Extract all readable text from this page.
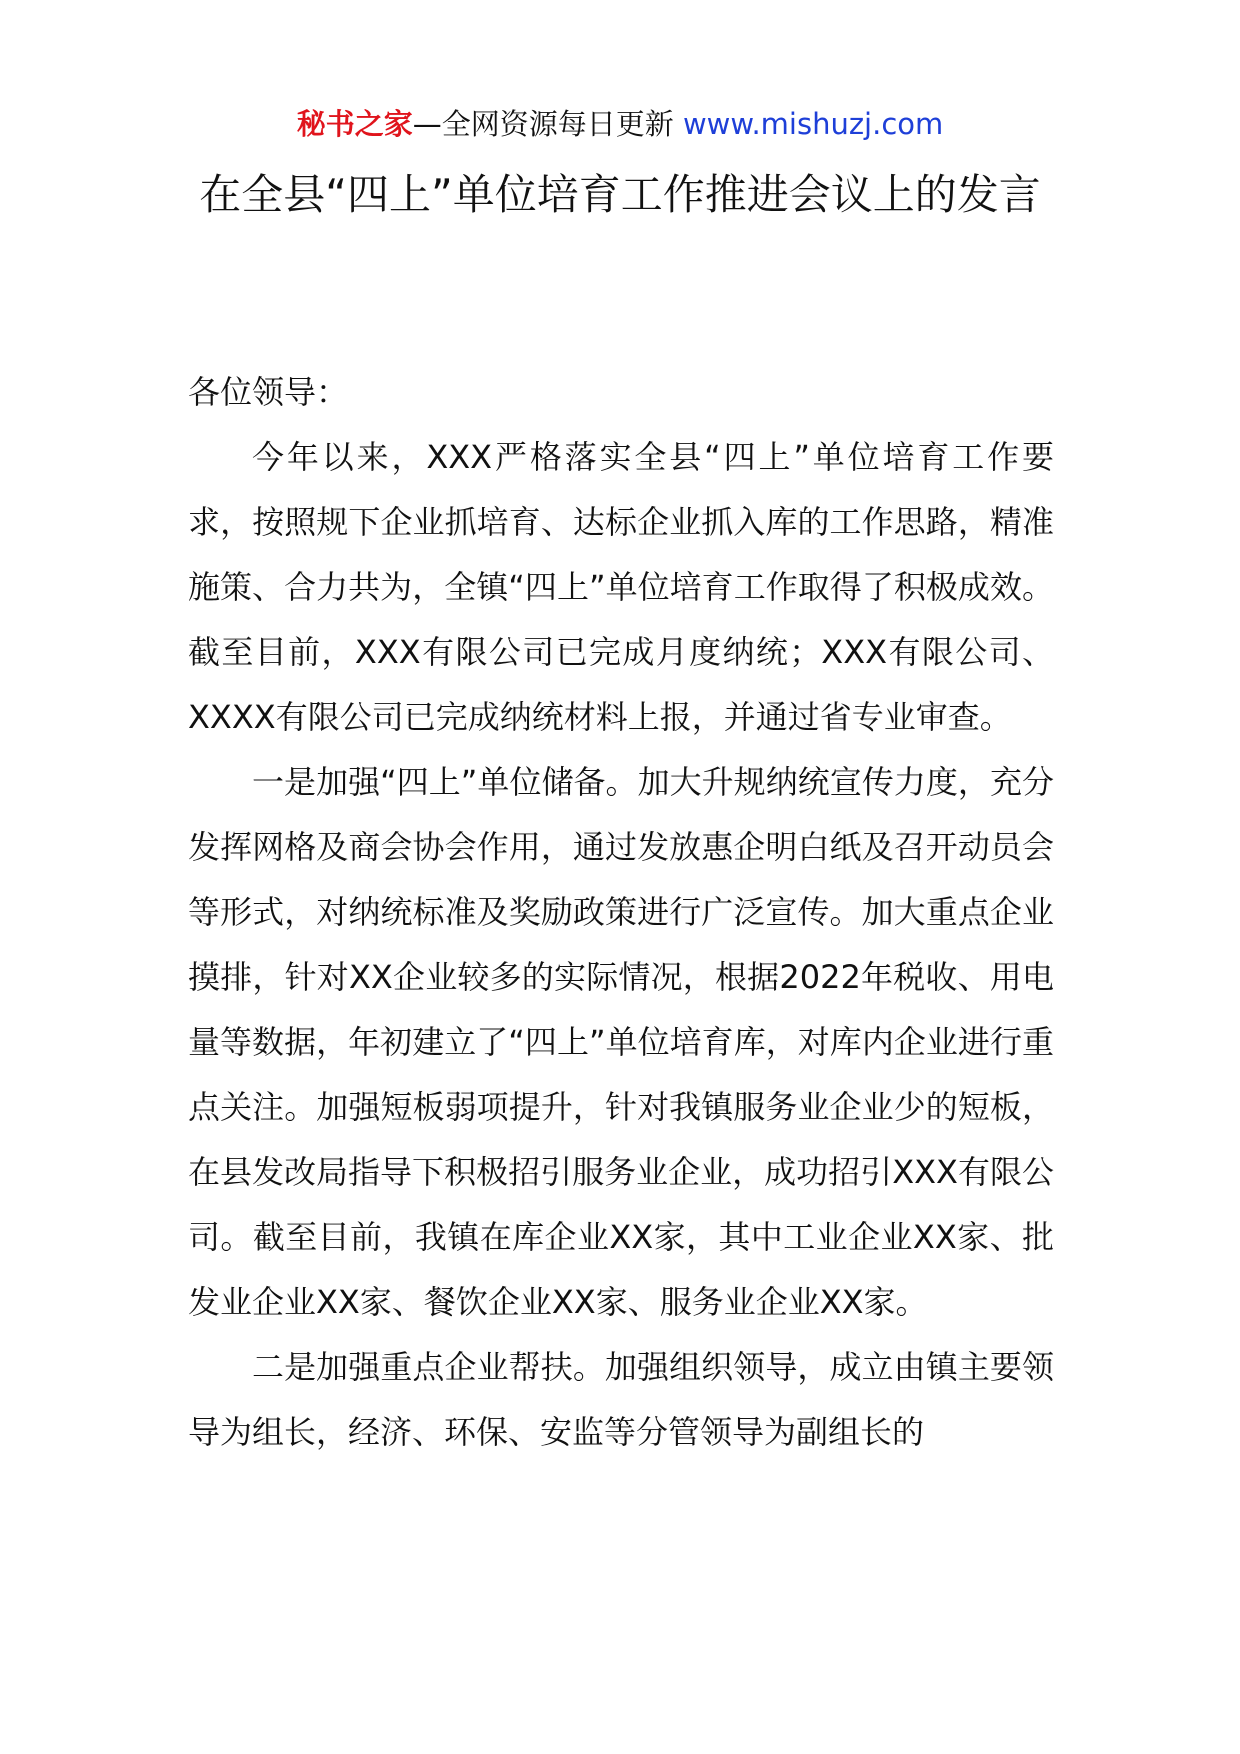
秘书之家—全网资源每日更新 www.mishuzj.com
在全县“四上”单位培育工作推进会议上的发言

各位领导：

今年以来，XXX严格落实全县“四上”单位培育工作要求，按照规下企业抓培育、达标企业抓入库的工作思路，精准施策、合力共为，全镇“四上”单位培育工作取得了积极成效。截至目前，XXX有限公司已完成月度纳统；XXX有限公司、XXXX有限公司已完成纳统材料上报，并通过省专业审查。

一是加强“四上”单位储备。加大升规纳统宣传力度，充分发挥网格及商会协会作用，通过发放惠企明白纸及召开动员会等形式，对纳统标准及奖励政策进行广泛宣传。加大重点企业摸排，针对XX企业较多的实际情况，根据2022年税收、用电量等数据，年初建立了“四上”单位培育库，对库内企业进行重点关注。加强短板弱项提升，针对我镇服务业企业少的短板，在县发改局指导下积极招引服务业企业，成功招引XXX有限公司。截至目前，我镇在库企业XX家，其中工业企业XX家、批发业企业XX家、餐饮企业XX家、服务业企业XX家。

二是加强重点企业帮扶。加强组织领导，成立由镇主要领导为组长，经济、环保、安监等分管领导为副组长的
